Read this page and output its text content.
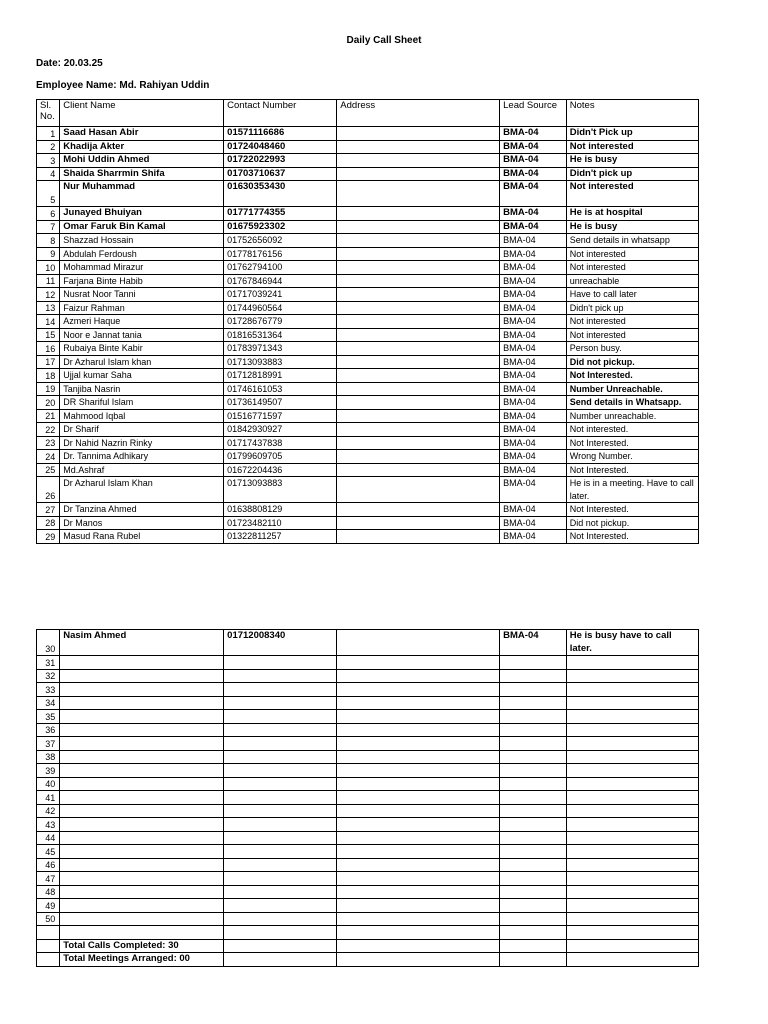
Daily Call Sheet
Date: 20.03.25
Employee Name: Md. Rahiyan Uddin
Sl. No.	Client Name	Contact Number	Address	Lead Source	Notes
1	Saad Hasan Abir	01571116686		BMA-04	Didn't Pick up
2	Khadija Akter	01724048460		BMA-04	Not interested
3	Mohi Uddin Ahmed	01722022993		BMA-04	He is busy
4	Shaida Sharrmin Shifa	01703710637		BMA-04	Didn't pick up
5	Nur Muhammad	01630353430		BMA-04	Not interested
6	Junayed Bhuiyan	01771774355		BMA-04	He is at hospital
7	Omar Faruk Bin Kamal	01675923302		BMA-04	He is busy
8	Shazzad Hossain	01752656092		BMA-04	Send details in whatsapp
9	Abdulah Ferdoush	01778176156		BMA-04	Not interested
10	Mohammad Mirazur	01762794100		BMA-04	Not interested
11	Farjana Binte Habib	01767846944		BMA-04	unreachable
12	Nusrat Noor Tanni	01717039241		BMA-04	Have to call later
13	Faizur Rahman	01744960564		BMA-04	Didn't pick up
14	Azmeri Haque	01728676779		BMA-04	Not interested
15	Noor e Jannat tania	01816531364		BMA-04	Not interested
16	Rubaiya Binte Kabir	01783971343		BMA-04	Person busy.
17	Dr Azharul Islam khan	01713093883		BMA-04	Did not pickup.
18	Ujjal kumar Saha	01712818991		BMA-04	Not Interested.
19	Tanjiba Nasrin	01746161053		BMA-04	Number Unreachable.
20	DR Shariful Islam	01736149507		BMA-04	Send details in Whatsapp.
21	Mahmood Iqbal	01516771597		BMA-04	Number unreachable.
22	Dr Sharif	01842930927		BMA-04	Not interested.
23	Dr Nahid Nazrin Rinky	01717437838		BMA-04	Not Interested.
24	Dr. Tannima Adhikary	01799609705		BMA-04	Wrong Number.
25	Md.Ashraf	01672204436		BMA-04	Not Interested.
26	Dr Azharul Islam Khan	01713093883		BMA-04	He is in a meeting. Have to call later.
27	Dr Tanzina Ahmed	01638808129		BMA-04	Not Interested.
28	Dr Manos	01723482110		BMA-04	Did not pickup.
29	Masud Rana Rubel	01322811257		BMA-04	Not Interested.
30	Nasim Ahmed	01712008340		BMA-04	He is busy have to call later.
31					
32					
33					
34					
35					
36					
37					
38					
39					
40					
41					
42					
43					
44					
45					
46					
47					
48					
49					
50					

	Total Calls Completed: 30				
	Total Meetings Arranged: 00				
